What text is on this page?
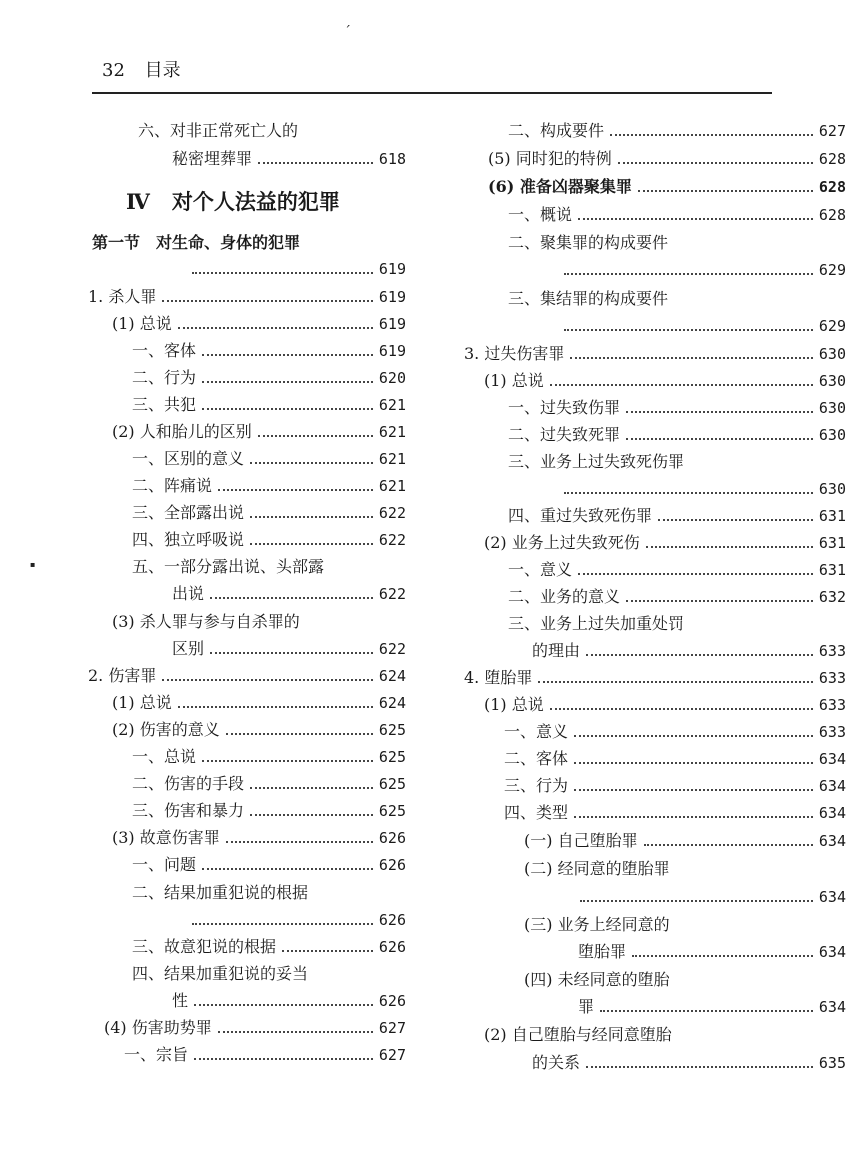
32 目录
ˊ
▪
六、对非正常死亡人的
秘密埋葬罪	618
Ⅳ 对个人法益的犯罪
第一节　对生命、身体的犯罪
619
1. 杀人罪	619
(1) 总说	619
一、客体	619
二、行为	620
三、共犯	621
(2) 人和胎儿的区别	621
一、区别的意义	621
二、阵痛说	621
三、全部露出说	622
四、独立呼吸说	622
五、一部分露出说、头部露
出说	622
(3) 杀人罪与参与自杀罪的
区别	622
2. 伤害罪	624
(1) 总说	624
(2) 伤害的意义	625
一、总说	625
二、伤害的手段	625
三、伤害和暴力	625
(3) 故意伤害罪	626
一、问题	626
二、结果加重犯说的根据
626
三、故意犯说的根据	626
四、结果加重犯说的妥当
性	626
(4) 伤害助势罪	627
一、宗旨	627
二、构成要件	627
(5) 同时犯的特例	628
(6) 准备凶器聚集罪	628
一、概说	628
二、聚集罪的构成要件
629
三、集结罪的构成要件
629
3. 过失伤害罪	630
(1) 总说	630
一、过失致伤罪	630
二、过失致死罪	630
三、业务上过失致死伤罪
630
四、重过失致死伤罪	631
(2) 业务上过失致死伤	631
一、意义	631
二、业务的意义	632
三、业务上过失加重处罚
的理由	633
4. 堕胎罪	633
(1) 总说	633
一、意义	633
二、客体	634
三、行为	634
四、类型	634
(一) 自己堕胎罪	634
(二) 经同意的堕胎罪
634
(三) 业务上经同意的
堕胎罪	634
(四) 未经同意的堕胎
罪	634
(2) 自己堕胎与经同意堕胎
的关系	635
